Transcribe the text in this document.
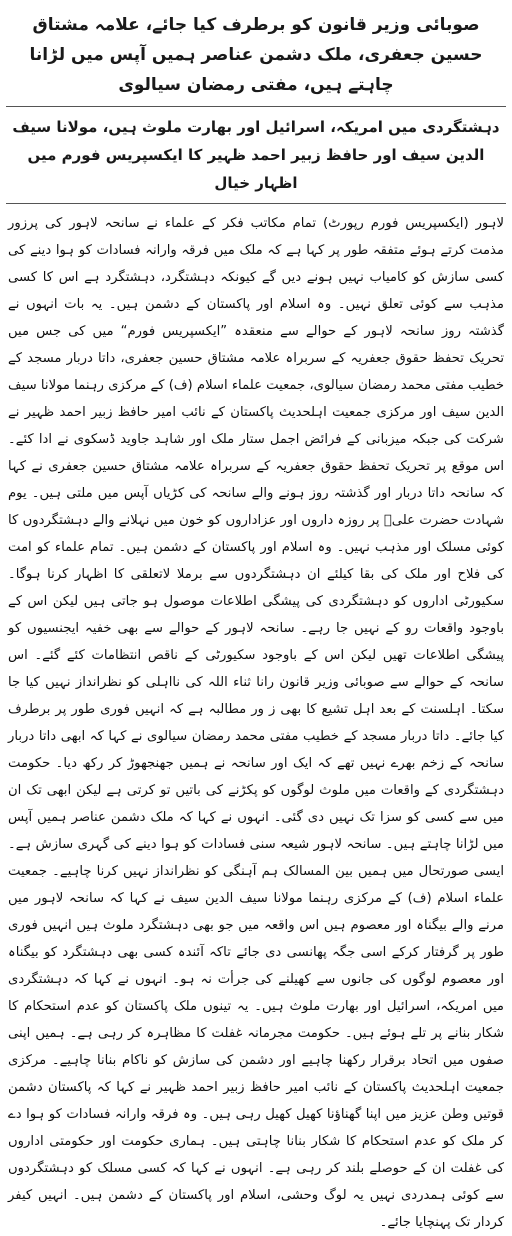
صوبائی وزیر قانون کو برطرف کیا جائے، علامہ مشتاق حسین جعفری، ملک دشمن عناصر ہمیں آپس میں لڑانا چاہتے ہیں، مفتی رمضان سیالوی
دہشتگردی میں امریکہ، اسرائیل اور بھارت ملوث ہیں، مولانا سیف الدین سیف اور حافظ زبیر احمد ظہیر کا ایکسپریس فورم میں اظہار خیال

لاہور (ایکسپریس فورم رپورٹ) تمام مکاتب فکر کے علماء نے سانحہ لاہور کی پرزور مذمت کرتے ہوئے متفقہ طور پر کہا ہے کہ ملک میں فرقہ وارانہ فسادات کو ہوا دینے کی کسی سازش کو کامیاب نہیں ہونے دیں گے کیونکہ دہشتگرد، دہشتگرد ہے اس کا کسی مذہب سے کوئی تعلق نہیں۔ وہ اسلام اور پاکستان کے دشمن ہیں۔ یہ بات انہوں نے گذشتہ روز سانحہ لاہور کے حوالے سے منعقدہ ”ایکسپریس فورم“ میں کی جس میں تحریک تحفظ حقوق جعفریہ کے سربراہ علامہ مشتاق حسین جعفری، داتا دربار مسجد کے خطیب مفتی محمد رمضان سیالوی، جمعیت علماء اسلام (ف) کے مرکزی رہنما مولانا سیف الدین سیف اور مرکزی جمعیت اہلحدیث پاکستان کے نائب امیر حافظ زبیر احمد ظہیر نے شرکت کی جبکہ میزبانی کے فرائض اجمل ستار ملک اور شاہد جاوید ڈسکوی نے ادا کئے۔ اس موقع پر تحریک تحفظ حقوق جعفریہ کے سربراہ علامہ مشتاق حسین جعفری نے کہا کہ سانحہ داتا دربار اور گذشتہ روز ہونے والے سانحہ کی کڑیاں آپس میں ملتی ہیں۔ یوم شہادت حضرت علیؓ پر روزہ داروں اور عزاداروں کو خون میں نہلانے والے دہشتگردوں کا کوئی مسلک اور مذہب نہیں۔ وہ اسلام اور پاکستان کے دشمن ہیں۔ تمام علماء کو امت کی فلاح اور ملک کی بقا کیلئے ان دہشتگردوں سے برملا لاتعلقی کا اظہار کرنا ہوگا۔ سکیورٹی اداروں کو دہشتگردی کی پیشگی اطلاعات موصول ہو جاتی ہیں لیکن اس کے باوجود واقعات رو کے نہیں جا رہے۔ سانحہ لاہور کے حوالے سے بھی خفیہ ایجنسیوں کو پیشگی اطلاعات تھیں لیکن اس کے باوجود سکیورٹی کے ناقص انتظامات کئے گئے۔ اس سانحہ کے حوالے سے صوبائی وزیر قانون رانا ثناء اللہ کی نااہلی کو نظرانداز نہیں کیا جا سکتا۔ اہلسنت کے بعد اہل تشیع کا بھی ز ور مطالبہ ہے کہ انہیں فوری طور پر برطرف کیا جائے۔ داتا دربار مسجد کے خطیب مفتی محمد رمضان سیالوی نے کہا کہ ابھی داتا دربار سانحہ کے زخم بھرے نہیں تھے کہ ایک اور سانحہ نے ہمیں جھنجھوڑ کر رکھ دیا۔ حکومت دہشتگردی کے واقعات میں ملوث لوگوں کو پکڑنے کی باتیں تو کرتی ہے لیکن ابھی تک ان میں سے کسی کو سزا تک نہیں دی گئی۔ انہوں نے کہا کہ ملک دشمن عناصر ہمیں آپس میں لڑانا چاہتے ہیں۔ سانحہ لاہور شیعہ سنی فسادات کو ہوا دینے کی گہری سازش ہے۔ ایسی صورتحال میں ہمیں بین المسالک ہم آہنگی کو نظرانداز نہیں کرنا چاہیے۔ جمعیت علماء اسلام (ف) کے مرکزی رہنما مولانا سیف الدین سیف نے کہا کہ سانحہ لاہور میں مرنے والے بیگناہ اور معصوم ہیں اس واقعہ میں جو بھی دہشتگرد ملوث ہیں انہیں فوری طور پر گرفتار کرکے اسی جگہ پھانسی دی جائے تاکہ آئندہ کسی بھی دہشتگرد کو بیگناہ اور معصوم لوگوں کی جانوں سے کھیلنے کی جرأت نہ ہو۔ انہوں نے کہا کہ دہشتگردی میں امریکہ، اسرائیل اور بھارت ملوث ہیں۔ یہ تینوں ملک پاکستان کو عدم استحکام کا شکار بنانے پر تلے ہوئے ہیں۔ حکومت مجرمانہ غفلت کا مظاہرہ کر رہی ہے۔ ہمیں اپنی صفوں میں اتحاد برقرار رکھنا چاہیے اور دشمن کی سازش کو ناکام بنانا چاہیے۔ مرکزی جمعیت اہلحدیث پاکستان کے نائب امیر حافظ زبیر احمد ظہیر نے کہا کہ پاکستان دشمن قوتیں وطن عزیز میں اپنا گھناؤنا کھیل کھیل رہی ہیں۔ وہ فرقہ وارانہ فسادات کو ہوا دے کر ملک کو عدم استحکام کا شکار بنانا چاہتی ہیں۔ ہماری حکومت اور حکومتی اداروں کی غفلت ان کے حوصلے بلند کر رہی ہے۔ انہوں نے کہا کہ کسی مسلک کو دہشتگردوں سے کوئی ہمدردی نہیں یہ لوگ وحشی، اسلام اور پاکستان کے دشمن ہیں۔ انہیں کیفر کردار تک پہنچایا جائے۔
